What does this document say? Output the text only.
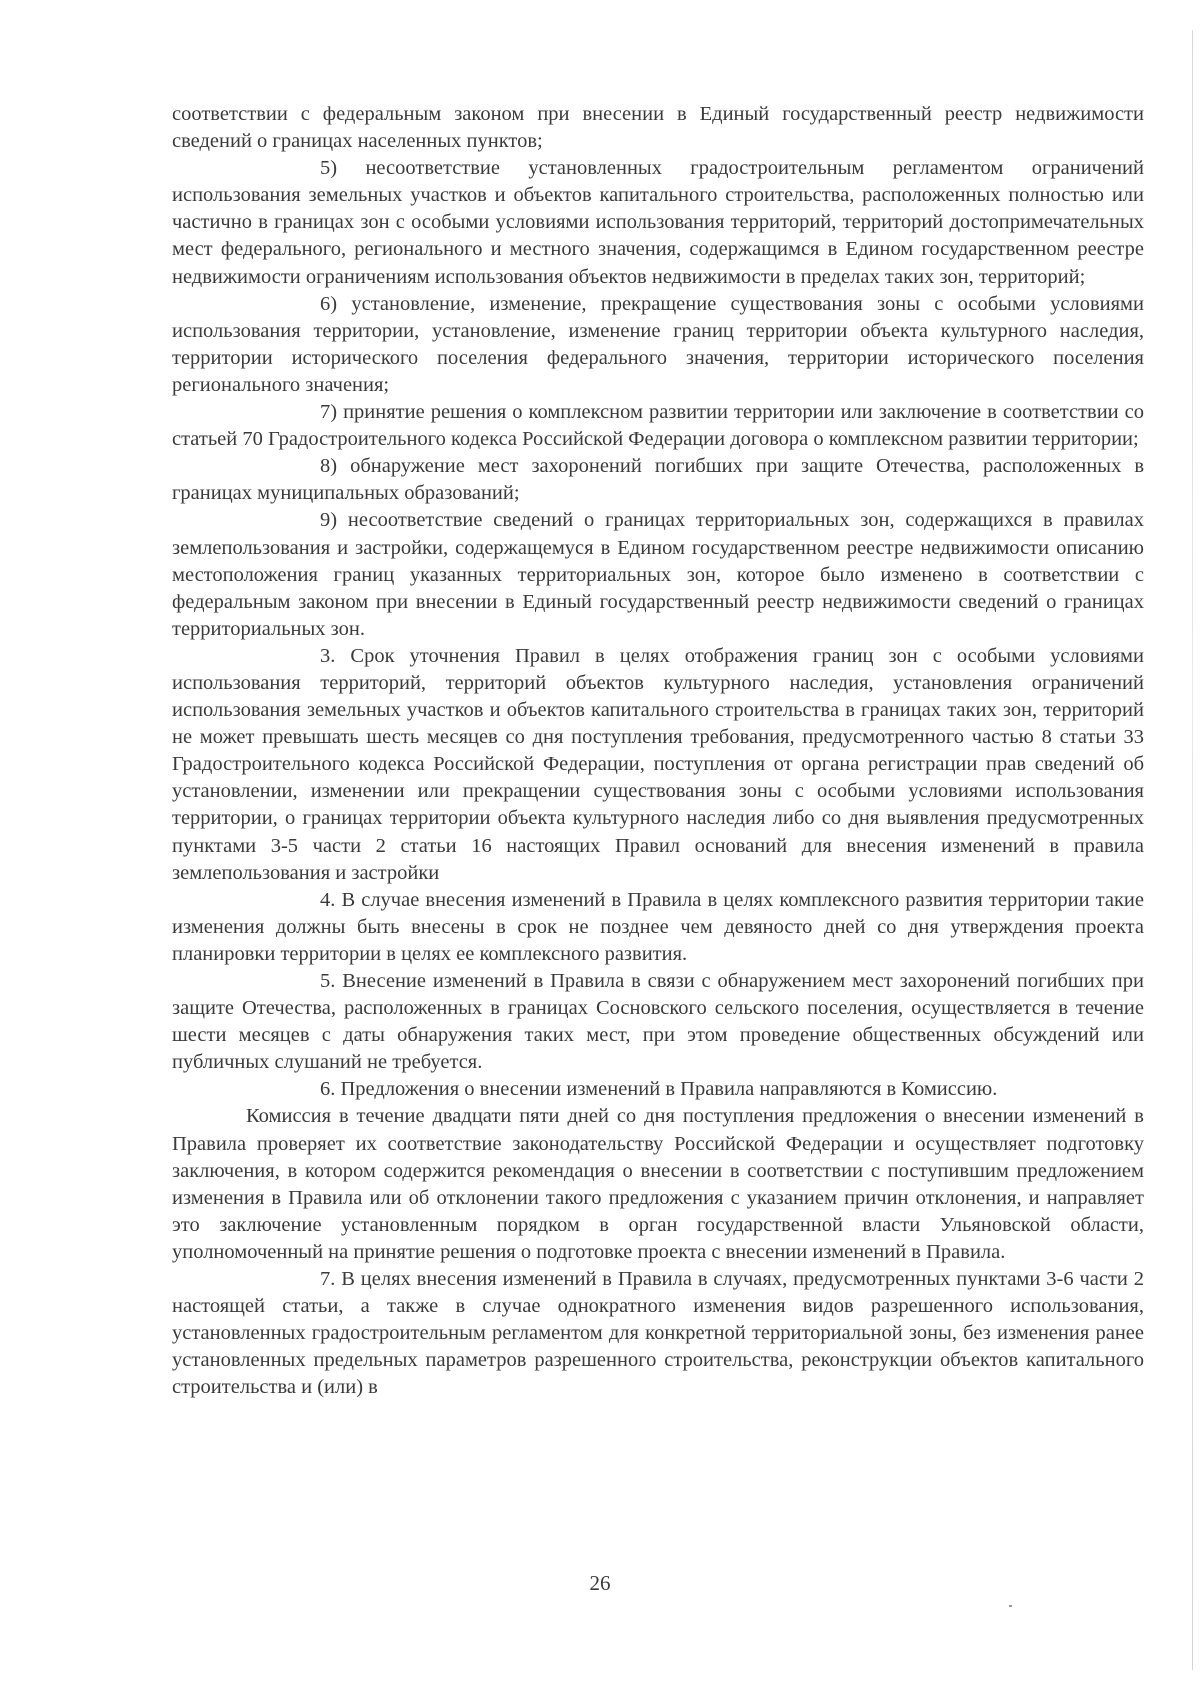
соответствии с федеральным законом при внесении в Единый государственный реестр недвижимости сведений о границах населенных пунктов;

5) несоответствие установленных градостроительным регламентом ограничений использования земельных участков и объектов капитального строительства, расположенных полностью или частично в границах зон с особыми условиями использования территорий, территорий достопримечательных мест федерального, регионального и местного значения, содержащимся в Едином государственном реестре недвижимости ограничениям использования объектов недвижимости в пределах таких зон, территорий;

6) установление, изменение, прекращение существования зоны с особыми условиями использования территории, установление, изменение границ территории объекта культурного наследия, территории исторического поселения федерального значения, территории исторического поселения регионального значения;

7) принятие решения о комплексном развитии территории или заключение в соответствии со статьей 70 Градостроительного кодекса Российской Федерации договора о комплексном развитии территории;

8) обнаружение мест захоронений погибших при защите Отечества, расположенных в границах муниципальных образований;

9) несоответствие сведений о границах территориальных зон, содержащихся в правилах землепользования и застройки, содержащемуся в Едином государственном реестре недвижимости описанию местоположения границ указанных территориальных зон, которое было изменено в соответствии с федеральным законом при внесении в Единый государственный реестр недвижимости сведений о границах территориальных зон.

3. Срок уточнения Правил в целях отображения границ зон с особыми условиями использования территорий, территорий объектов культурного наследия, установления ограничений использования земельных участков и объектов капитального строительства в границах таких зон, территорий не может превышать шесть месяцев со дня поступления требования, предусмотренного частью 8 статьи 33 Градостроительного кодекса Российской Федерации, поступления от органа регистрации прав сведений об установлении, изменении или прекращении существования зоны с особыми условиями использования территории, о границах территории объекта культурного наследия либо со дня выявления предусмотренных пунктами 3-5 части 2 статьи 16 настоящих Правил оснований для внесения изменений в правила землепользования и застройки

4. В случае внесения изменений в Правила в целях комплексного развития территории такие изменения должны быть внесены в срок не позднее чем девяносто дней со дня утверждения проекта планировки территории в целях ее комплексного развития.

5. Внесение изменений в Правила в связи с обнаружением мест захоронений погибших при защите Отечества, расположенных в границах Сосновского сельского поселения, осуществляется в течение шести месяцев с даты обнаружения таких мест, при этом проведение общественных обсуждений или публичных слушаний не требуется.

6. Предложения о внесении изменений в Правила направляются в Комиссию.

Комиссия в течение двадцати пяти дней со дня поступления предложения о внесении изменений в Правила проверяет их соответствие законодательству Российской Федерации и осуществляет подготовку заключения, в котором содержится рекомендация о внесении в соответствии с поступившим предложением изменения в Правила или об отклонении такого предложения с указанием причин отклонения, и направляет это заключение установленным порядком в орган государственной власти Ульяновской области, уполномоченный на принятие решения о подготовке проекта с внесении изменений в Правила.

7. В целях внесения изменений в Правила в случаях, предусмотренных пунктами 3-6 части 2 настоящей статьи, а также в случае однократного изменения видов разрешенного использования, установленных градостроительным регламентом для конкретной территориальной зоны, без изменения ранее установленных предельных параметров разрешенного строительства, реконструкции объектов капитального строительства и (или) в

26
